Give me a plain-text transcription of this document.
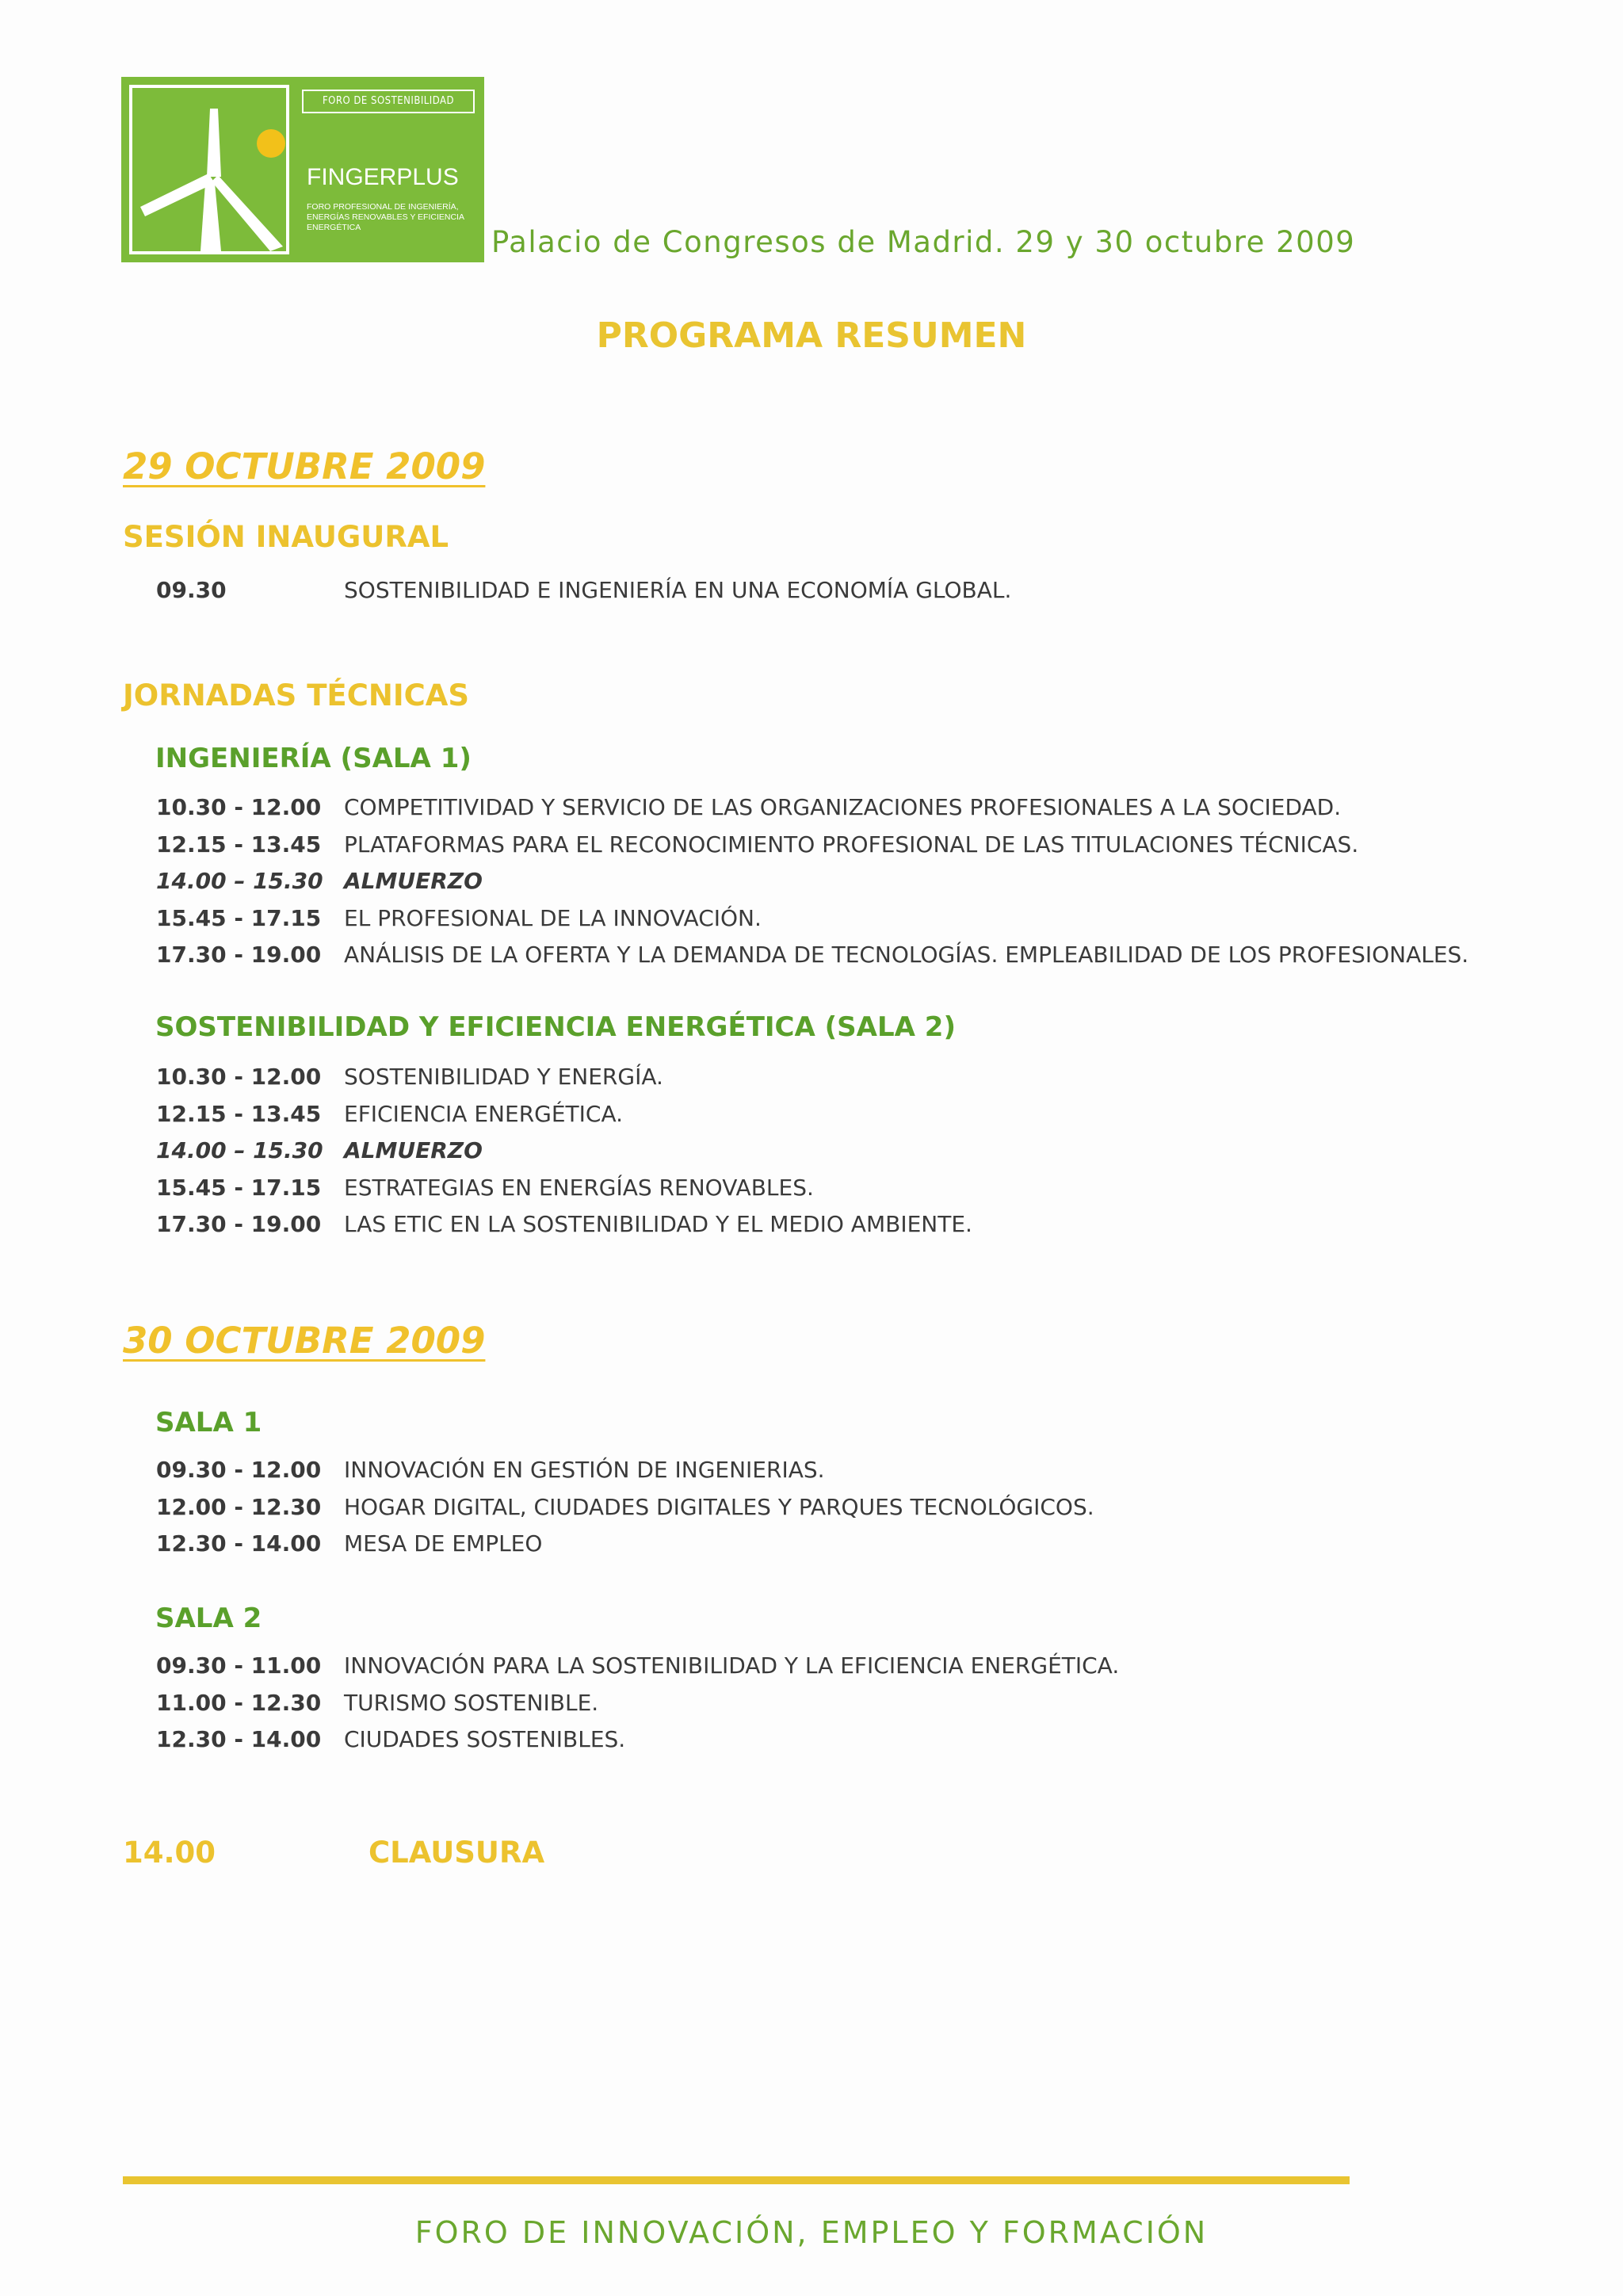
FORO DE SOSTENIBILIDAD
FINGERPLUS
FORO PROFESIONAL DE INGENIERÍA, ENERGÍAS RENOVABLES Y EFICIENCIA ENERGÉTICA	Palacio de Congresos de Madrid. 29 y 30 octubre 2009
PROGRAMA RESUMEN
29 OCTUBRE 2009
SESIÓN INAUGURAL
09.30	SOSTENIBILIDAD E INGENIERÍA EN UNA ECONOMÍA GLOBAL.
JORNADAS TÉCNICAS
INGENIERÍA (SALA 1)
10.30 - 12.00 COMPETITIVIDAD Y SERVICIO DE LAS ORGANIZACIONES PROFESIONALES A LA SOCIEDAD.
12.15 - 13.45 PLATAFORMAS PARA EL RECONOCIMIENTO PROFESIONAL DE LAS TITULACIONES TÉCNICAS.
14.00 – 15.30 ALMUERZO
15.45 - 17.15 EL PROFESIONAL DE LA INNOVACIÓN.
17.30 - 19.00 ANÁLISIS DE LA OFERTA Y LA DEMANDA DE TECNOLOGÍAS. EMPLEABILIDAD DE LOS PROFESIONALES.
SOSTENIBILIDAD Y EFICIENCIA ENERGÉTICA (SALA 2)
10.30 - 12.00 SOSTENIBILIDAD Y ENERGÍA.
12.15 - 13.45 EFICIENCIA ENERGÉTICA.
14.00 – 15.30 ALMUERZO
15.45 - 17.15 ESTRATEGIAS EN ENERGÍAS RENOVABLES.
17.30 - 19.00 LAS ETIC EN LA SOSTENIBILIDAD Y EL MEDIO AMBIENTE.
30 OCTUBRE 2009
SALA 1
09.30 - 12.00 INNOVACIÓN EN GESTIÓN DE INGENIERIAS.
12.00 - 12.30 HOGAR DIGITAL, CIUDADES DIGITALES Y PARQUES TECNOLÓGICOS.
12.30 - 14.00 MESA DE EMPLEO
SALA 2
09.30 - 11.00 INNOVACIÓN PARA LA SOSTENIBILIDAD Y LA EFICIENCIA ENERGÉTICA.
11.00 - 12.30 TURISMO SOSTENIBLE.
12.30 - 14.00 CIUDADES SOSTENIBLES.
14.00	CLAUSURA
FORO DE INNOVACIÓN, EMPLEO Y FORMACIÓN
